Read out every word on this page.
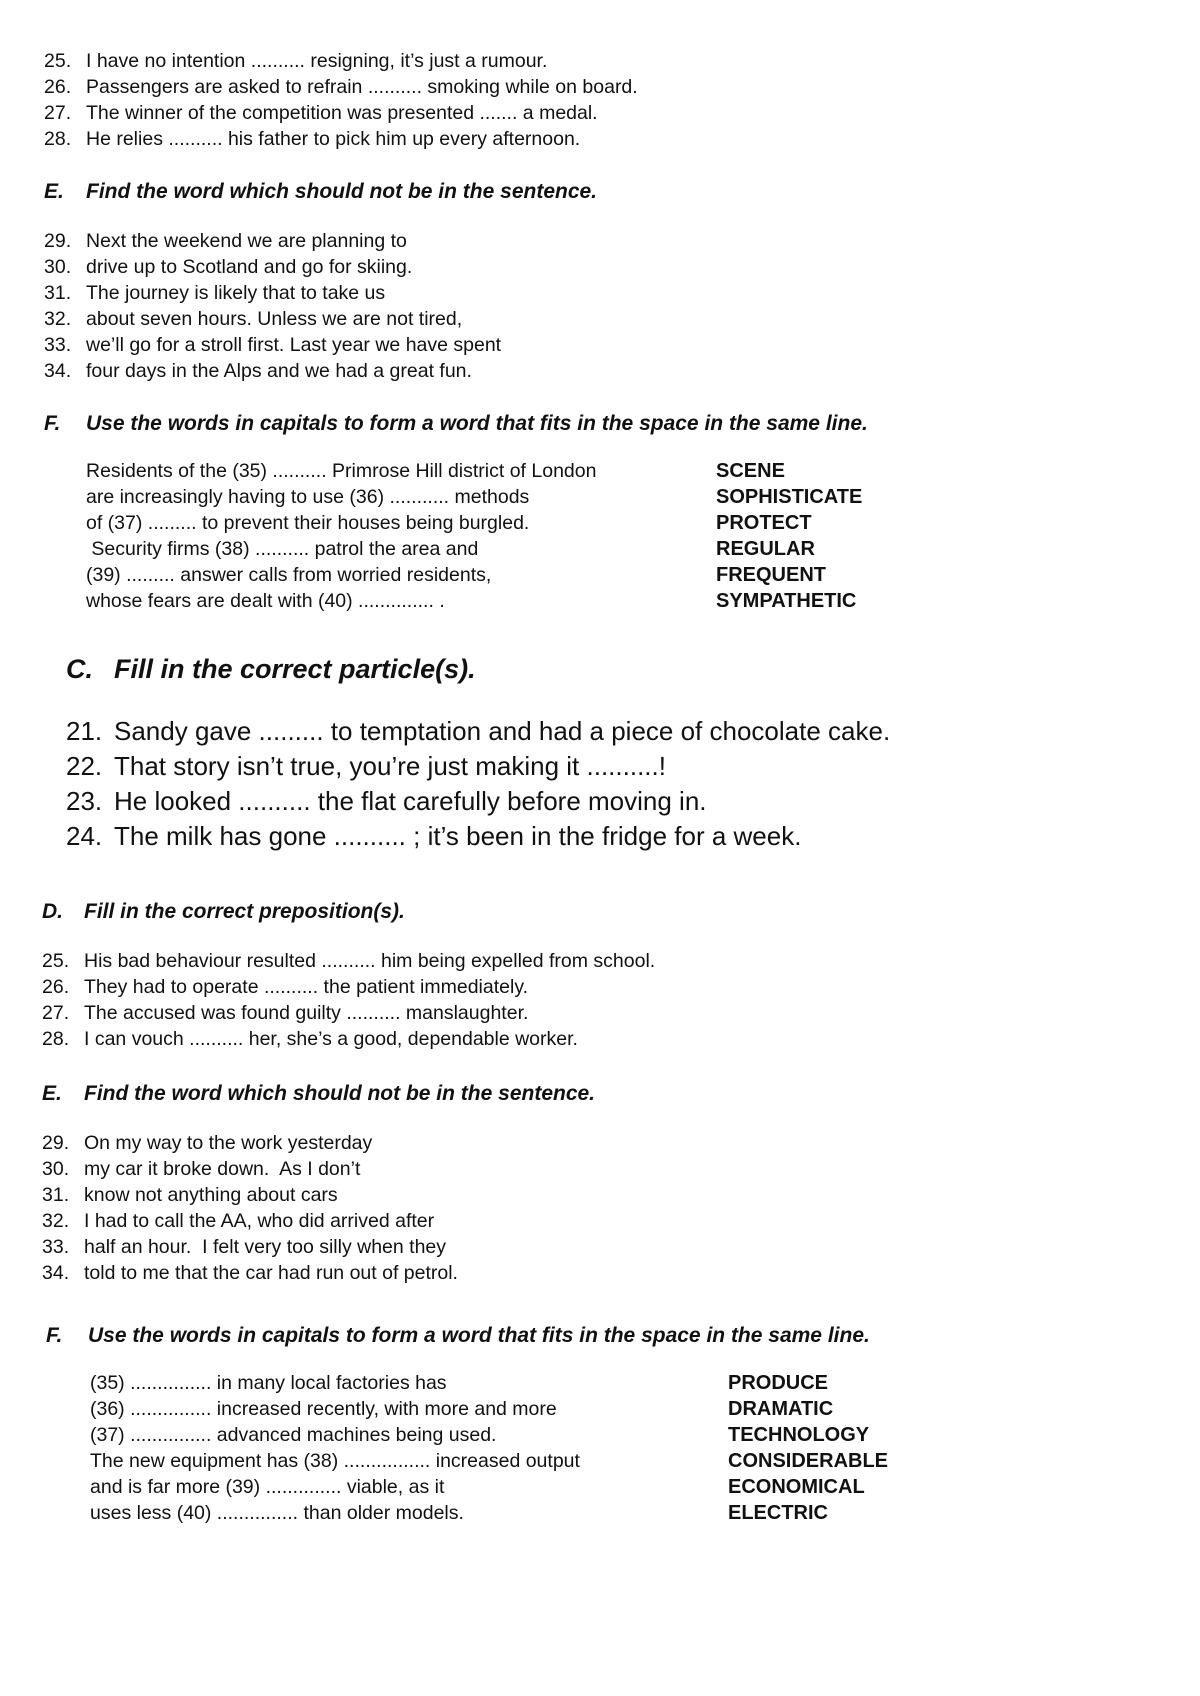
25. I have no intention .......... resigning, it’s just a rumour.
26. Passengers are asked to refrain .......... smoking while on board.
27. The winner of the competition was presented ....... a medal.
28. He relies .......... his father to pick him up every afternoon.
E. Find the word which should not be in the sentence.
29. Next the weekend we are planning to
30. drive up to Scotland and go for skiing.
31. The journey is likely that to take us
32. about seven hours. Unless we are not tired,
33. we’ll go for a stroll first. Last year we have spent
34. four days in the Alps and we had a great fun.
F. Use the words in capitals to form a word that fits in the space in the same line.
Residents of the (35) .......... Primrose Hill district of London
are increasingly having to use (36) ........... methods
of (37) ......... to prevent their houses being burgled.
Security firms (38) .......... patrol the area and
(39) ......... answer calls from worried residents,
whose fears are dealt with (40) .............. .
SCENE
SOPHISTICATE
PROTECT
REGULAR
FREQUENT
SYMPATHETIC
C. Fill in the correct particle(s).
21. Sandy gave ......... to temptation and had a piece of chocolate cake.
22. That story isn’t true, you’re just making it ..........!
23. He looked .......... the flat carefully before moving in.
24. The milk has gone .......... ; it’s been in the fridge for a week.
D. Fill in the correct preposition(s).
25. His bad behaviour resulted .......... him being expelled from school.
26. They had to operate .......... the patient immediately.
27. The accused was found guilty .......... manslaughter.
28. I can vouch .......... her, she’s a good, dependable worker.
E. Find the word which should not be in the sentence.
29. On my way to the work yesterday
30. my car it broke down.  As I don’t
31. know not anything about cars
32. I had to call the AA, who did arrived after
33. half an hour.  I felt very too silly when they
34. told to me that the car had run out of petrol.
F. Use the words in capitals to form a word that fits in the space in the same line.
(35) ............... in many local factories has
(36) ............... increased recently, with more and more
(37) ............... advanced machines being used.
The new equipment has (38) ................ increased output
and is far more (39) .............. viable, as it
uses less (40) ............... than older models.
PRODUCE
DRAMATIC
TECHNOLOGY
CONSIDERABLE
ECONOMICAL
ELECTRIC
